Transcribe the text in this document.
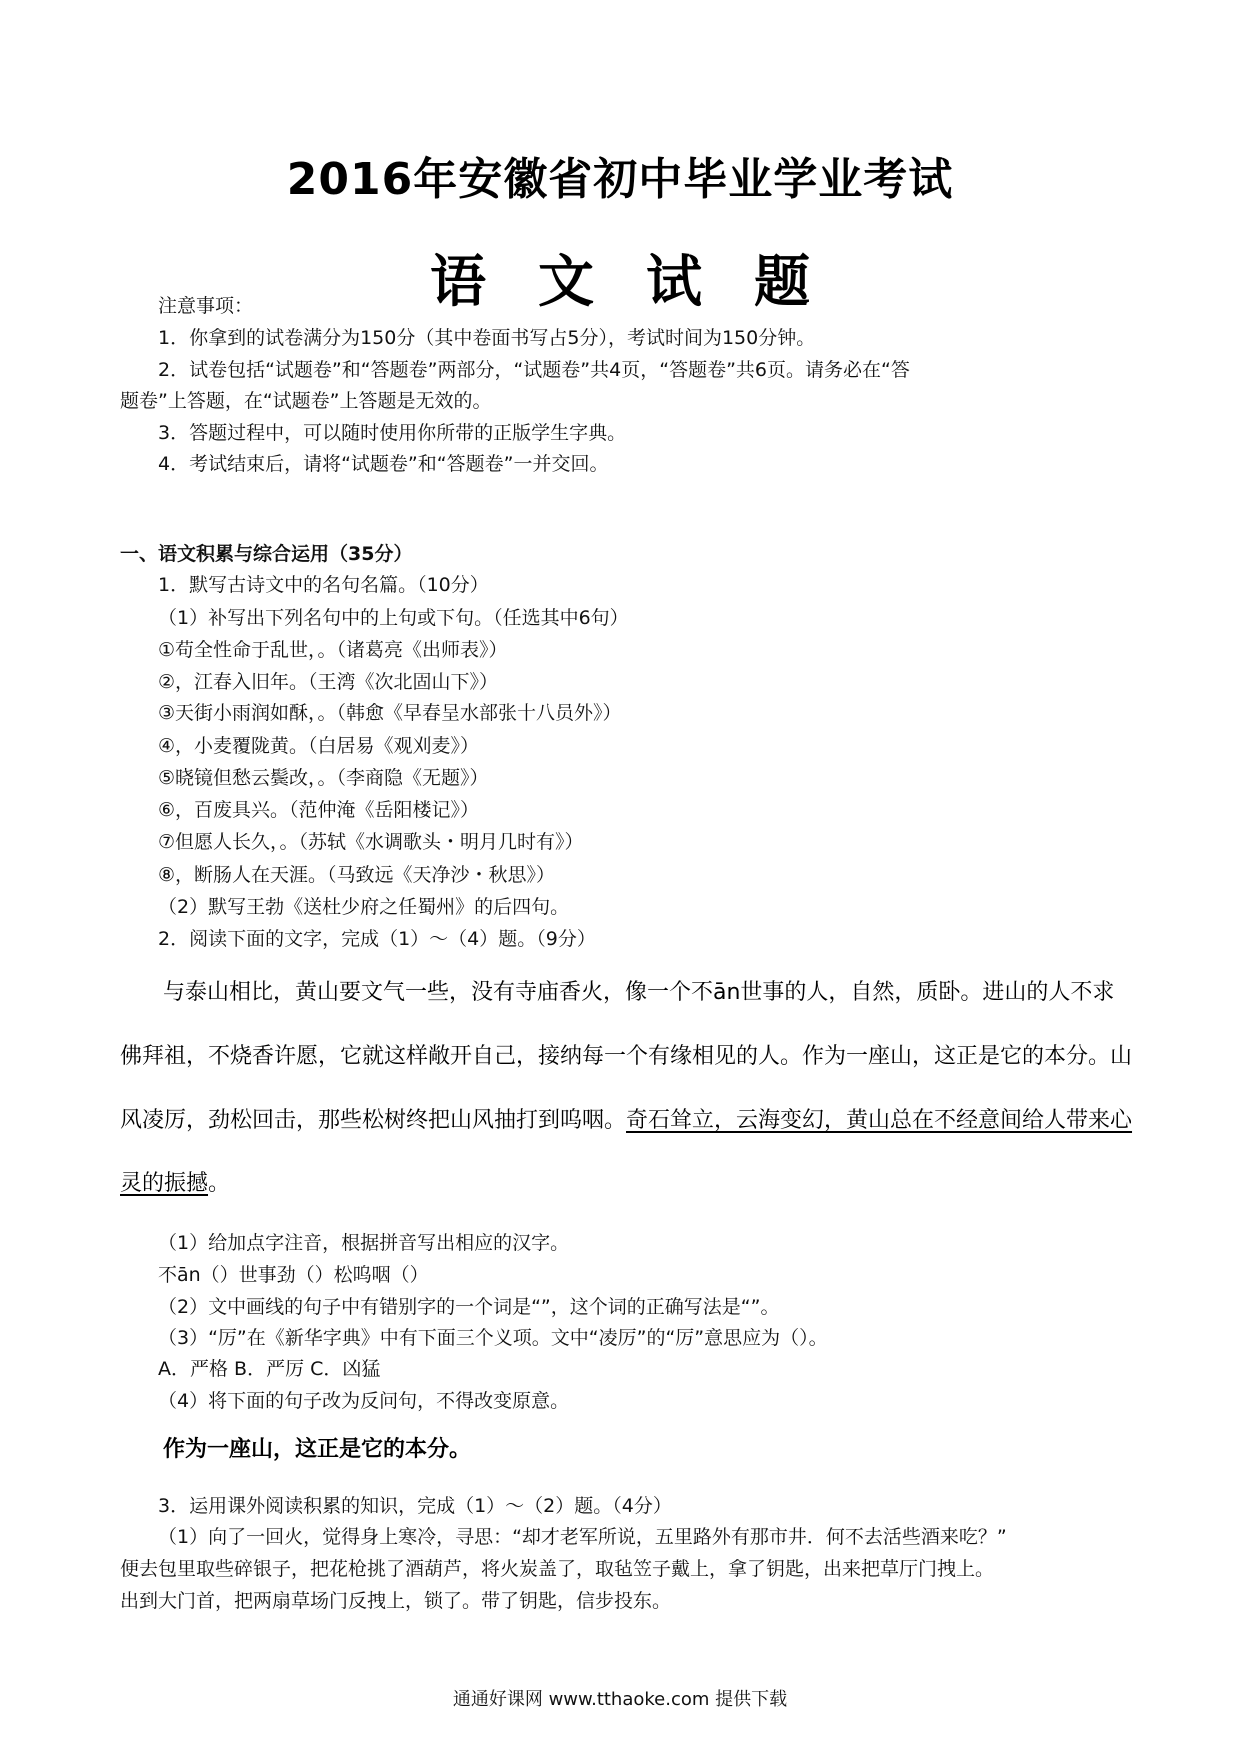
2016年安徽省初中毕业学业考试
语文试题
注意事项：
1．你拿到的试卷满分为150分（其中卷面书写占5分），考试时间为150分钟。
2．试卷包括“试题卷”和“答题卷”两部分，“试题卷”共4页，“答题卷”共6页。请务必在“答
题卷”上答题，在“试题卷”上答题是无效的。
3．答题过程中，可以随时使用你所带的正版学生字典。
4．考试结束后，请将“试题卷”和“答题卷”一并交回。
一、语文积累与综合运用（35分）
1．默写古诗文中的名句名篇。（10分）
（1）补写出下列名句中的上句或下句。（任选其中6句）
①苟全性命于乱世，。（诸葛亮《出师表》）
②，江春入旧年。（王湾《次北固山下》）
③天街小雨润如酥，。（韩愈《早春呈水部张十八员外》）
④，小麦覆陇黄。（白居易《观刈麦》）
⑤晓镜但愁云鬓改，。（李商隐《无题》）
⑥，百废具兴。（范仲淹《岳阳楼记》）
⑦但愿人长久，。（苏轼《水调歌头・明月几时有》）
⑧，断肠人在天涯。（马致远《天净沙・秋思》）
（2）默写王勃《送杜少府之任蜀州》的后四句。
2．阅读下面的文字，完成（1）～（4）题。（9分）
与泰山相比，黄山要文气一些，没有寺庙香火，像一个不ān世事的人，自然，质卧。进山的人不求
佛拜祖，不烧香许愿，它就这样敞开自己，接纳每一个有缘相见的人。作为一座山，这正是它的本分。山
风凌厉，劲松回击，那些松树终把山风抽打到呜咽。奇石耸立，云海变幻，黄山总在不经意间给人带来心
灵的振撼。
（1）给加点字注音，根据拼音写出相应的汉字。
不ān（）世事劲（）松呜咽（）
（2）文中画线的句子中有错别字的一个词是“”，这个词的正确写法是“”。
（3）“厉”在《新华字典》中有下面三个义项。文中“凌厉”的“厉”意思应为（）。
A．严格 B．严厉 C．凶猛
（4）将下面的句子改为反问句，不得改变原意。
作为一座山，这正是它的本分。
3．运用课外阅读积累的知识，完成（1）～（2）题。（4分）
（1）向了一回火，觉得身上寒冷，寻思：“却才老军所说，五里路外有那市井．何不去活些酒来吃？”
便去包里取些碎银子，把花枪挑了酒葫芦，将火炭盖了，取毡笠子戴上，拿了钥匙，出来把草厅门拽上。
出到大门首，把两扇草场门反拽上，锁了。带了钥匙，信步投东。
通通好课网 www.tthaoke.com 提供下载
